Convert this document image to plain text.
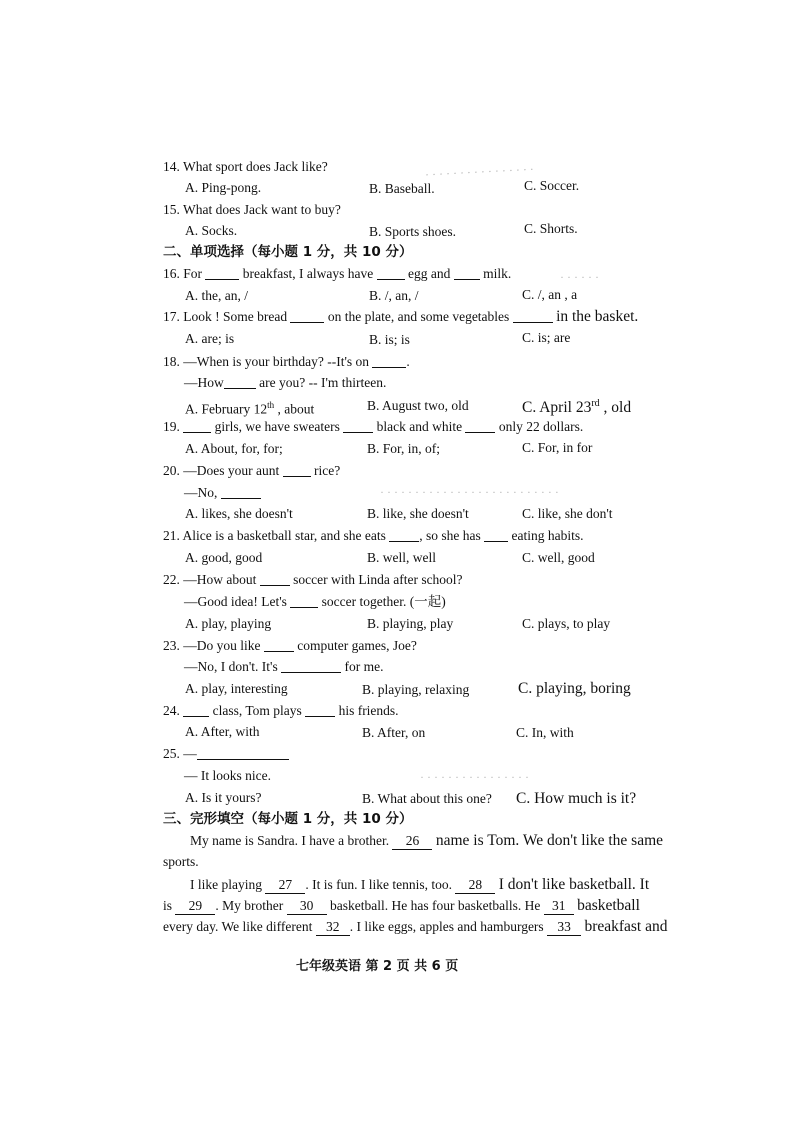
· · · · · · · · · · · · · · · ·
· · · · · ·
· · · · · · · · · · · · · · · · · · · · · · · · · ·
· · · · · · · · · · · · · · · ·
14. What sport does Jack like?
A. Ping-pong.	B. Baseball.	C. Soccer.
15. What does Jack want to buy?
A. Socks.	B. Sports shoes.	C. Shorts.
二、单项选择（每小题 1 分，共 10 分）
16. For	breakfast, I always have	egg and milk.
A. the, an, /	B. /, an, /	C. /, an , a
17. Look ! Some bread	on the plate, and some vegetables	in the basket.
A. are; is	B. is; is	C. is; are
18. —When is your birthday? --It's on	.
—How	are you? -- I'm thirteen.
A. February 12th , about	B. August two, old	C. April 23rd , old
19.	girls, we have sweaters	black and white	only 22 dollars.
A. About, for, for;	B. For, in, of;	C. For, in for
20. —Does your aunt	rice?
—No,
A. likes, she doesn't	B. like, she doesn't	C. like, she don't
21. Alice is a basketball star, and she eats , so she has eating habits.
A. good, good	B. well, well	C. well, good
22. —How about	soccer with Linda after school?
—Good idea! Let's	soccer together. (一起)
A. play, playing	B. playing, play	C. plays, to play
23. —Do you like	computer games, Joe?
—No, I don't. It's	for me.
A. play, interesting	B. playing, relaxing	C. playing, boring
24. class, Tom plays	his friends.
A. After, with	B. After, on	C. In, with
25. —
— It looks nice.
A. Is it yours?	B. What about this one? C. How much is it?
三、完形填空（每小题 1 分，共 10 分）
My name is Sandra. I have a brother. 26 name is Tom. We don't like the same
sports.
I like playing 27 . It is fun. I like tennis, too. 28 I don't like basketball. It
is 29 . My brother 30 basketball. He has four basketballs. He 31 basketball
every day. We like different 32 . I like eggs, apples and hamburgers 33 breakfast and
七年级英语 第 2 页 共 6 页
